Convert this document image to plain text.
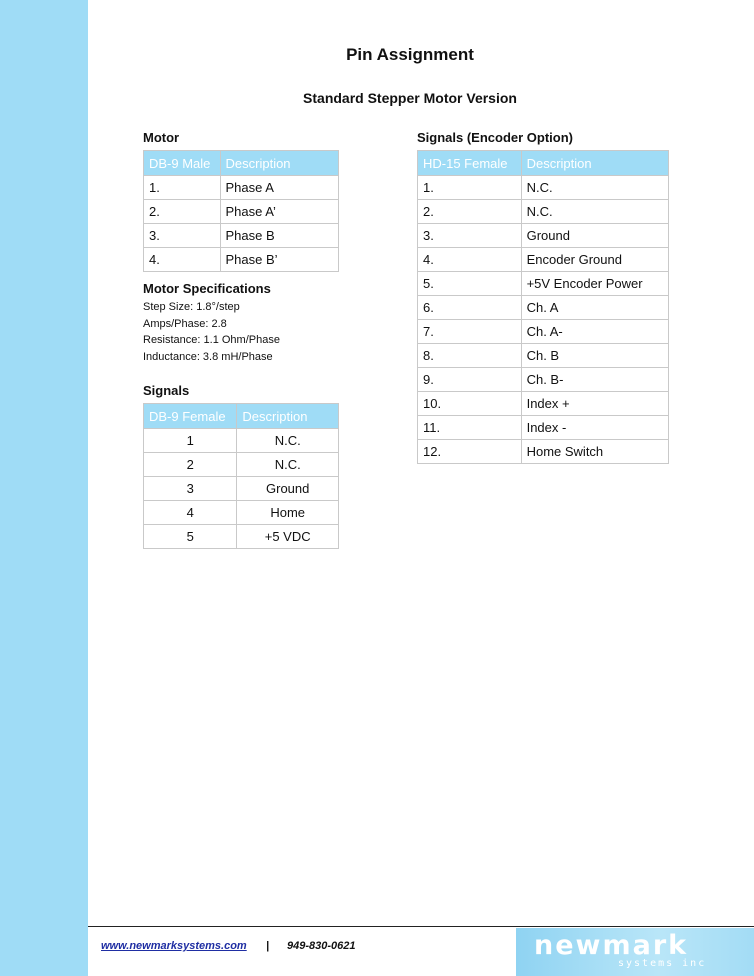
Pin Assignment
Standard Stepper Motor Version
Motor
DB-9 Male	Description
1.	Phase A
2.	Phase A’
3.	Phase B
4.	Phase B’
Motor Specifications
Step Size: 1.8°/step
Amps/Phase: 2.8
Resistance: 1.1 Ohm/Phase
Inductance: 3.8 mH/Phase
Signals
DB-9 Female	Description
1	N.C.
2	N.C.
3	Ground
4	Home
5	+5 VDC
Signals (Encoder Option)
HD-15 Female	Description
1.	N.C.
2.	N.C.
3.	Ground
4.	Encoder Ground
5.	+5V Encoder Power
6.	Ch. A
7.	Ch. A-
8.	Ch. B
9.	Ch. B-
10.	Index +
11.	Index -
12.	Home Switch
www.newmarksystems.com | 949-830-0621	newmark
systems inc
